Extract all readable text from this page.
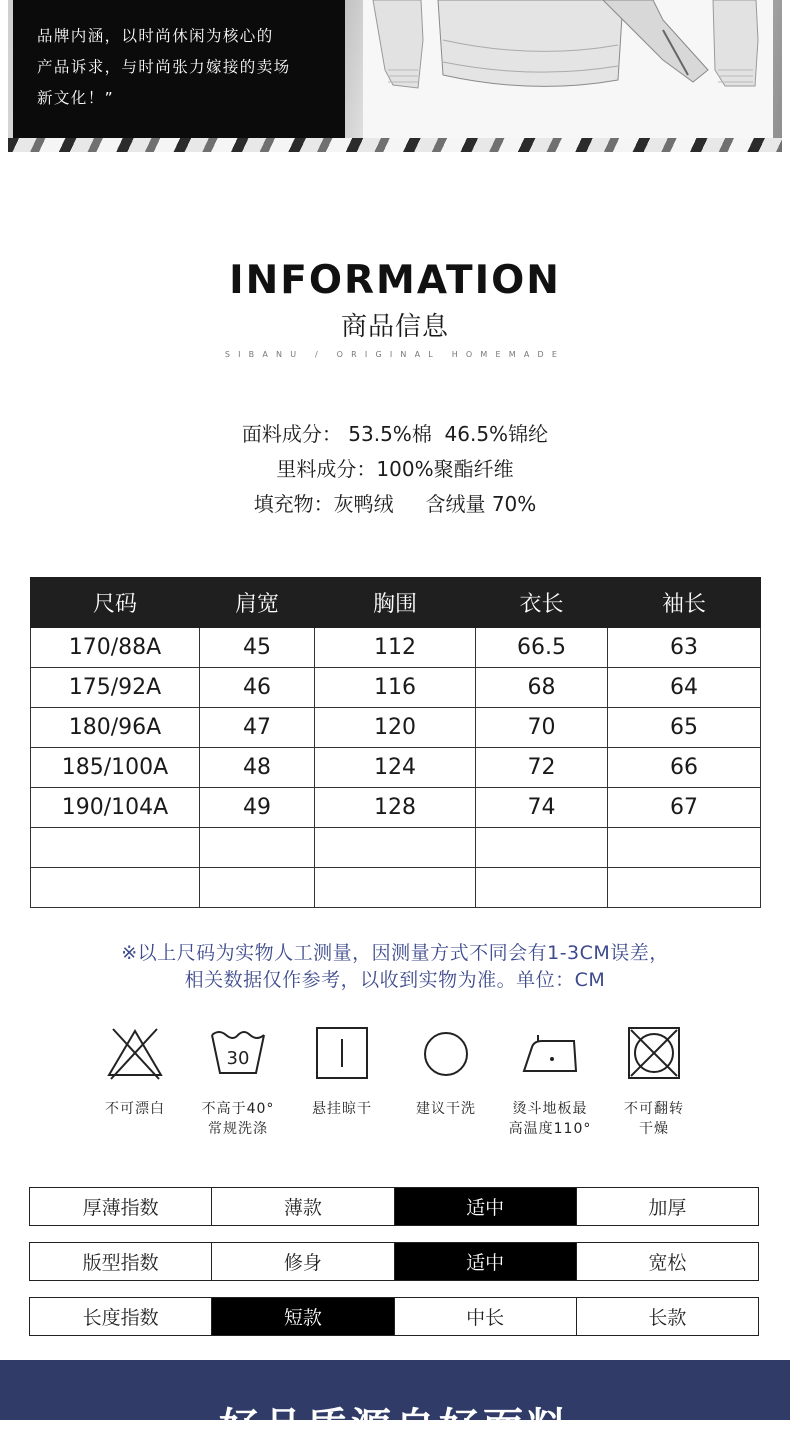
品牌内涵，以时尚休闲为核心的

产品诉求，与时尚张力嫁接的卖场

新文化！”

INFORMATION
商品信息
SIBANU / ORIGINAL HOMEMADE
面料成分： 53.5%棉  46.5%锦纶
里料成分：100%聚酯纤维
填充物：灰鸭绒     含绒量 70%
尺码	肩宽	胸围	衣长	袖长
170/88A	45	112	66.5	63
175/92A	46	116	68	64
180/96A	47	120	70	65
185/100A	48	124	72	66
190/104A	49	128	74	67

※以上尺码为实物人工测量，因测量方式不同会有1-3CM误差，
相关数据仅作参考，以收到实物为准。单位：CM
不可漂白
30
不高于40°
常规洗涤
悬挂晾干	建议干洗	烫斗地板最
高温度110°
不可翻转
干燥
厚薄指数	薄款	适中	加厚
版型指数	修身	适中	宽松
长度指数	短款	中长	长款
好品质源自好面料
